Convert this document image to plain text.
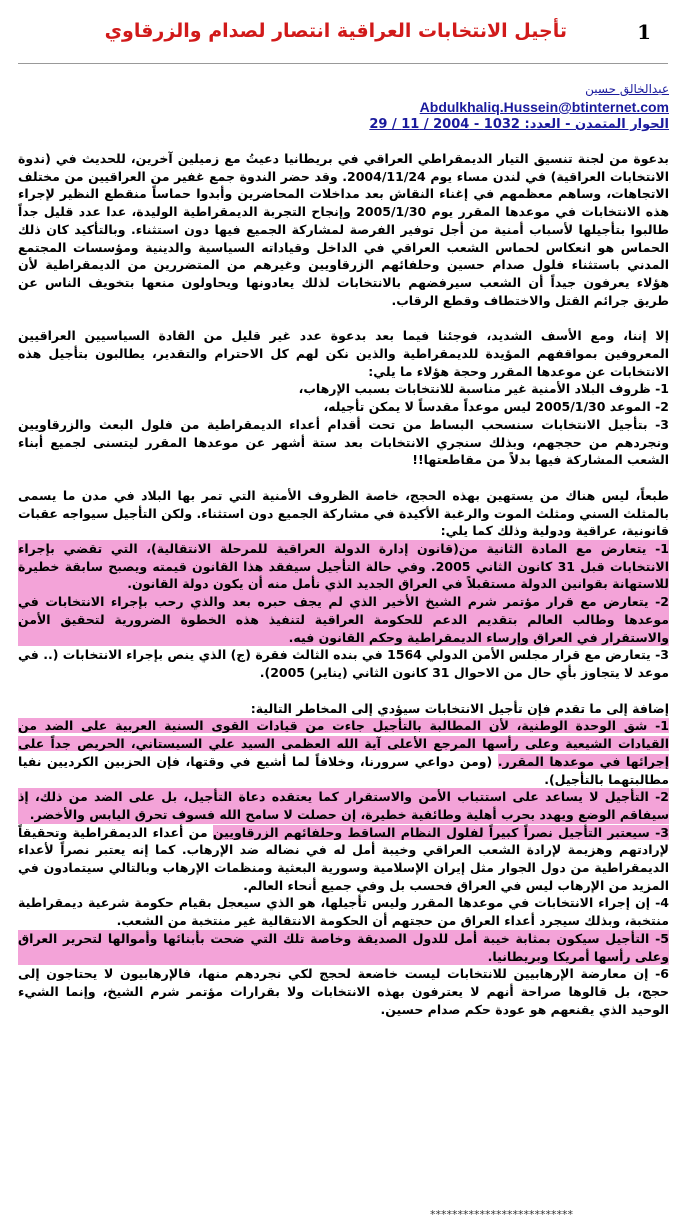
تأجيل الانتخابات العراقية انتصار لصدام والزرقاوي	1
عبدالخالق حسين
Abdulkhaliq.Hussein@btinternet.com
الحوار المتمدن - العدد: 1032 - 2004 / 11 / 29

بدعوة من لجنة تنسيق التيار الديمقراطي العراقي في بريطانيا دعيتُ مع زميلين آخرين، للحديث في (ندوة الانتخابات العراقية) في لندن مساء يوم 2004/11/24. وقد حضر الندوة جمع غفير من العراقيين من مختلف الاتجاهات، وساهم معظمهم في إغناء النقاش بعد مداخلات المحاضرين وأبدوا حماساً منقطع النظير لإجراء هذه الانتخابات في موعدها المقرر يوم 2005/1/30 وإنجاح التجربة الديمقراطية الوليدة، عدا عدد قليل جداً طالبوا بتأجيلها لأسباب أمنية من أجل توفير الفرصة لمشاركة الجميع فيها دون استثناء. وبالتأكيد كان ذلك الحماس هو انعكاس لحماس الشعب العراقي في الداخل وقياداته السياسية والدينية ومؤسسات المجتمع المدني باستثناء فلول صدام حسين وحلفائهم الزرقاويين وغيرهم من المتضررين من الديمقراطية لأن هؤلاء يعرفون جيداً أن الشعب سيرفضهم بالانتخابات لذلك يعادونها ويحاولون منعها بتخويف الناس عن طريق جرائم القتل والاختطاف وقطع الرقاب.

إلا إننا، ومع الأسف الشديد، فوجئنا فيما بعد بدعوة عدد غير قليل من القادة السياسيين العراقيين المعروفين بمواقفهم المؤيدة للديمقراطية والذين نكن لهم كل الاحترام والتقدير، يطالبون بتأجيل هذه الانتخابات عن موعدها المقرر وحجة هؤلاء ما يلي:

1- ظروف البلاد الأمنية غير مناسبة للانتخابات بسبب الإرهاب،

2- الموعد 2005/1/30 ليس موعداً مقدساً لا يمكن تأجيله،

3- بتأجيل الانتخابات سنسحب البساط من تحت أقدام أعداء الديمقراطية من فلول البعث والزرقاويين ونجردهم من حججهم، وبذلك سنجري الانتخابات بعد ستة أشهر عن موعدها المقرر ليتسنى لجميع أبناء الشعب المشاركة فيها بدلاً من مقاطعتها!!

طبعاً، ليس هناك من يستهين بهذه الحجج، خاصة الظروف الأمنية التي تمر بها البلاد في مدن ما يسمى بالمثلث السني ومثلث الموت والرغبة الأكيدة في مشاركة الجميع دون استثناء. ولكن التأجيل سيواجه عقبات قانونية، عراقية ودولية وذلك كما يلي:

1- يتعارض مع المادة الثانية من(قانون إدارة الدولة العراقية للمرحلة الانتقالية)، التي تقضي بإجراء الانتخابات قبل 31 كانون الثاني 2005. وفي حالة التأجيل سيفقد هذا القانون قيمته ويصبح سابقة خطيرة للاستهانة بقوانين الدولة مستقبلاً في العراق الجديد الذي نأمل منه أن يكون دولة القانون.

2- يتعارض مع قرار مؤتمر شرم الشيخ الأخير الذي لم يجف حبره بعد والذي رحب بإجراء الانتخابات في موعدها وطالب العالم بتقديم الدعم للحكومة العراقية لتنفيذ هذه الخطوة الضرورية لتحقيق الأمن والاستقرار في العراق وإرساء الديمقراطية وحكم القانون فيه.

3- يتعارض مع قرار مجلس الأمن الدولي 1564 في بنده الثالث فقرة (ج) الذي ينص بإجراء الانتخابات (.. في موعد لا يتجاوز بأي حال من الاحوال 31 كانون الثاني (يناير) 2005).

إضافة إلى ما تقدم فإن تأجيل الانتخابات سيؤدي إلى المخاطر التالية:

1- شق الوحدة الوطنية، لأن المطالبة بالتأجيل جاءت من قيادات القوى السنية العربية على الضد من القيادات الشيعية وعلى رأسها المرجع الأعلى آية الله العظمى السيد علي السيستاني، الحريص جداً على إجرائها في موعدها المقرر. (ومن دواعي سرورنا، وخلافاً لما أشيع في وقتها، فإن الحزبين الكرديين نفيا مطالبتهما بالتأجيل).

2- التأجيل لا يساعد على استتباب الأمن والاستقرار كما يعتقده دعاة التأجيل، بل على الضد من ذلك، إذ سيفاقم الوضع ويهدد بحرب أهلية وطائفية خطيرة، إن حصلت لا سامح الله فسوف تحرق اليابس والأخضر.

3- سيعتبر التأجيل نصراً كبيراً لفلول النظام الساقط وحلفائهم الزرقاويين من أعداء الديمقراطية وتحقيقاً لإرادتهم وهزيمة لإرادة الشعب العراقي وخيبة أمل له في نضاله ضد الإرهاب. كما إنه يعتبر نصراً لأعداء الديمقراطية من دول الجوار مثل إيران الإسلامية وسورية البعثية ومنظمات الإرهاب وبالتالي سيتمادون في المزيد من الإرهاب ليس في العراق فحسب بل وفي جميع أنحاء العالم.

4- إن إجراء الانتخابات في موعدها المقرر وليس تأجيلها، هو الذي سيعجل بقيام حكومة شرعية ديمقراطية منتخبة، وبذلك سيجرد أعداء العراق من حجتهم أن الحكومة الانتقالية غير منتخبة من الشعب.

5- التأجيل سيكون بمثابة خيبة أمل للدول الصديقة وخاصة تلك التي ضحت بأبنائها وأموالها لتحرير العراق وعلى رأسها أمريكا وبريطانيا.

6- إن معارضة الإرهابيين للانتخابات ليست خاضعة لحجج لكي نجردهم منها، فالإرهابيون لا يحتاجون إلى حجج، بل قالوها صراحة أنهم لا يعترفون بهذه الانتخابات ولا بقرارات مؤتمر شرم الشيخ، وإنما الشيء الوحيد الذي يقنعهم هو عودة حكم صدام حسين.

**************************
